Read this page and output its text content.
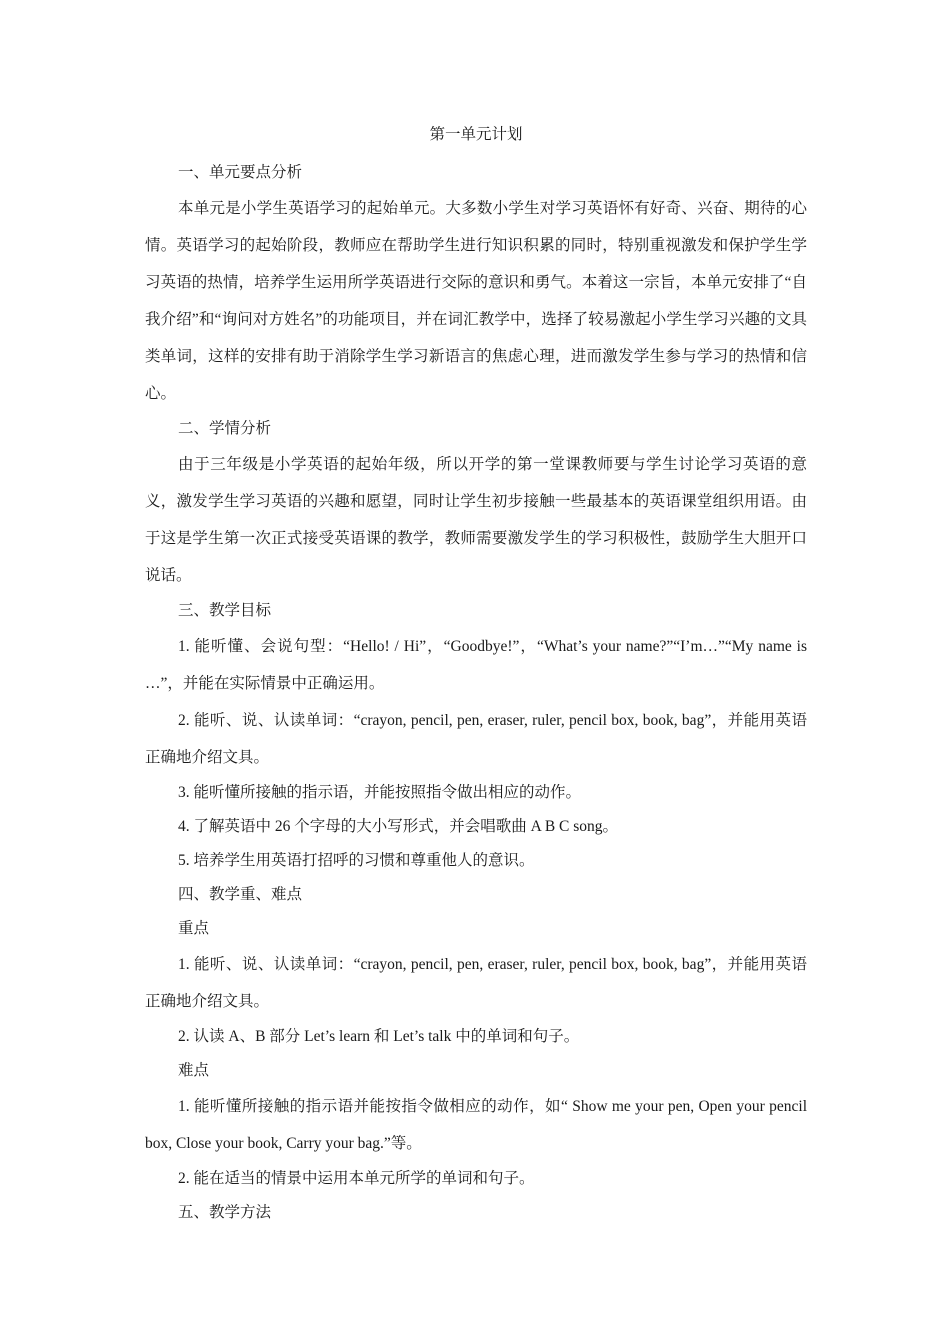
第一单元计划

一、单元要点分析

本单元是小学生英语学习的起始单元。大多数小学生对学习英语怀有好奇、兴奋、期待的心情。英语学习的起始阶段，教师应在帮助学生进行知识积累的同时，特别重视激发和保护学生学习英语的热情，培养学生运用所学英语进行交际的意识和勇气。本着这一宗旨，本单元安排了“自我介绍”和“询问对方姓名”的功能项目，并在词汇教学中，选择了较易激起小学生学习兴趣的文具类单词，这样的安排有助于消除学生学习新语言的焦虑心理，进而激发学生参与学习的热情和信心。

二、学情分析

由于三年级是小学英语的起始年级，所以开学的第一堂课教师要与学生讨论学习英语的意义，激发学生学习英语的兴趣和愿望，同时让学生初步接触一些最基本的英语课堂组织用语。由于这是学生第一次正式接受英语课的教学，教师需要激发学生的学习积极性，鼓励学生大胆开口说话。

三、教学目标

1. 能听懂、会说句型：“Hello! / Hi”，“Goodbye!”，“What’s your name?”“I’m…”“My name is …”，并能在实际情景中正确运用。

2. 能听、说、认读单词：“crayon, pencil, pen, eraser, ruler, pencil box, book, bag”，并能用英语正确地介绍文具。

3. 能听懂所接触的指示语，并能按照指令做出相应的动作。

4. 了解英语中 26 个字母的大小写形式，并会唱歌曲 A B C song。

5. 培养学生用英语打招呼的习惯和尊重他人的意识。

四、教学重、难点

重点

1. 能听、说、认读单词：“crayon, pencil, pen, eraser, ruler, pencil box, book, bag”，并能用英语正确地介绍文具。

2. 认读 A、B 部分 Let’s learn 和 Let’s talk 中的单词和句子。

难点

1. 能听懂所接触的指示语并能按指令做相应的动作，如“ Show me your pen, Open your pencil box, Close your book, Carry your bag.”等。

2. 能在适当的情景中运用本单元所学的单词和句子。

五、教学方法
